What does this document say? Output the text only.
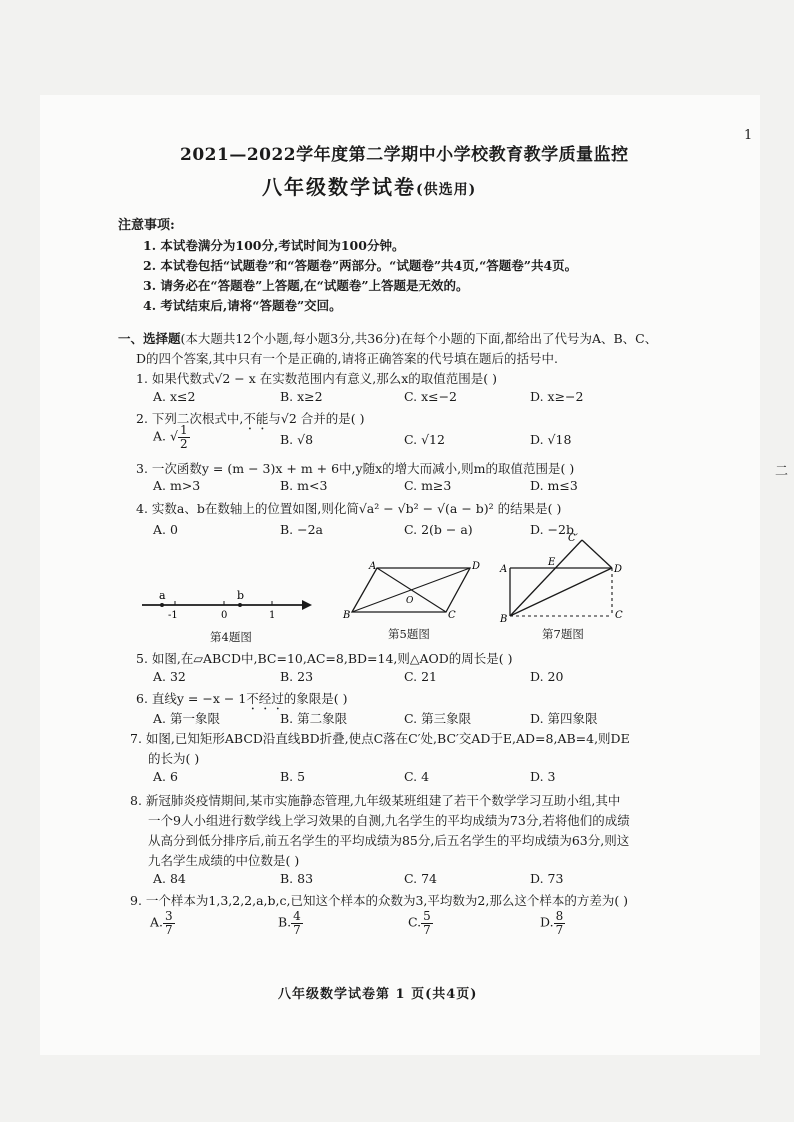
1
二
2021—2022学年度第二学期中小学校教育教学质量监控
八年级数学试卷(供选用)
注意事项:
1. 本试卷满分为100分,考试时间为100分钟。
2. 本试卷包括“试题卷”和“答题卷”两部分。“试题卷”共4页,“答题卷”共4页。
3. 请务必在“答题卷”上答题,在“试题卷”上答题是无效的。
4. 考试结束后,请将“答题卷”交回。
一、选择题(本大题共12个小题,每小题3分,共36分)在每个小题的下面,都给出了代号为A、B、C、
D的四个答案,其中只有一个是正确的,请将正确答案的代号填在题后的括号中.
1. 如果代数式√2 − x 在实数范围内有意义,那么x的取值范围是( )
A. x≤2	B. x≥2	C. x≤−2	D. x≥−2
2. 下列二次根式中,不能与√2 合并的是( )
A. √ $\frac{1}{2}$	B. √8	C. √12	D. √18
3. 一次函数y = (m − 3)x + m + 6中,y随x的增大而减小,则m的取值范围是( )
A. m>3	B. m<3	C. m≥3	D. m≤3
4. 实数a、b在数轴上的位置如图,则化简√a² − √b² − √(a − b)² 的结果是( )
A. 0	B. −2a	C. 2(b − a)	D. −2b
a	b
-1	0	1
第4题图
A	D
B	C
O
第5题图
A	D
B	C
E
C′
第7题图
5. 如图,在▱ABCD中,BC=10,AC=8,BD=14,则△AOD的周长是( )
A. 32	B. 23	C. 21	D. 20
6. 直线y = −x − 1不经过的象限是( )
A. 第一象限	B. 第二象限	C. 第三象限	D. 第四象限
7. 如图,已知矩形ABCD沿直线BD折叠,使点C落在C′处,BC′交AD于E,AD=8,AB=4,则DE
的长为( )
A. 6	B. 5	C. 4	D. 3
8. 新冠肺炎疫情期间,某市实施静态管理,九年级某班组建了若干个数学学习互助小组,其中
一个9人小组进行数学线上学习效果的自测,九名学生的平均成绩为73分,若将他们的成绩
从高分到低分排序后,前五名学生的平均成绩为85分,后五名学生的平均成绩为63分,则这
九名学生成绩的中位数是( )
A. 84	B. 83	C. 74	D. 73
9. 一个样本为1,3,2,2,a,b,c,已知这个样本的众数为3,平均数为2,那么这个样本的方差为( )
A. $\frac{3}{7}$	B. $\frac{4}{7}$	C. $\frac{5}{7}$	D. $\frac{8}{7}$
八年级数学试卷第 1 页(共4页)
